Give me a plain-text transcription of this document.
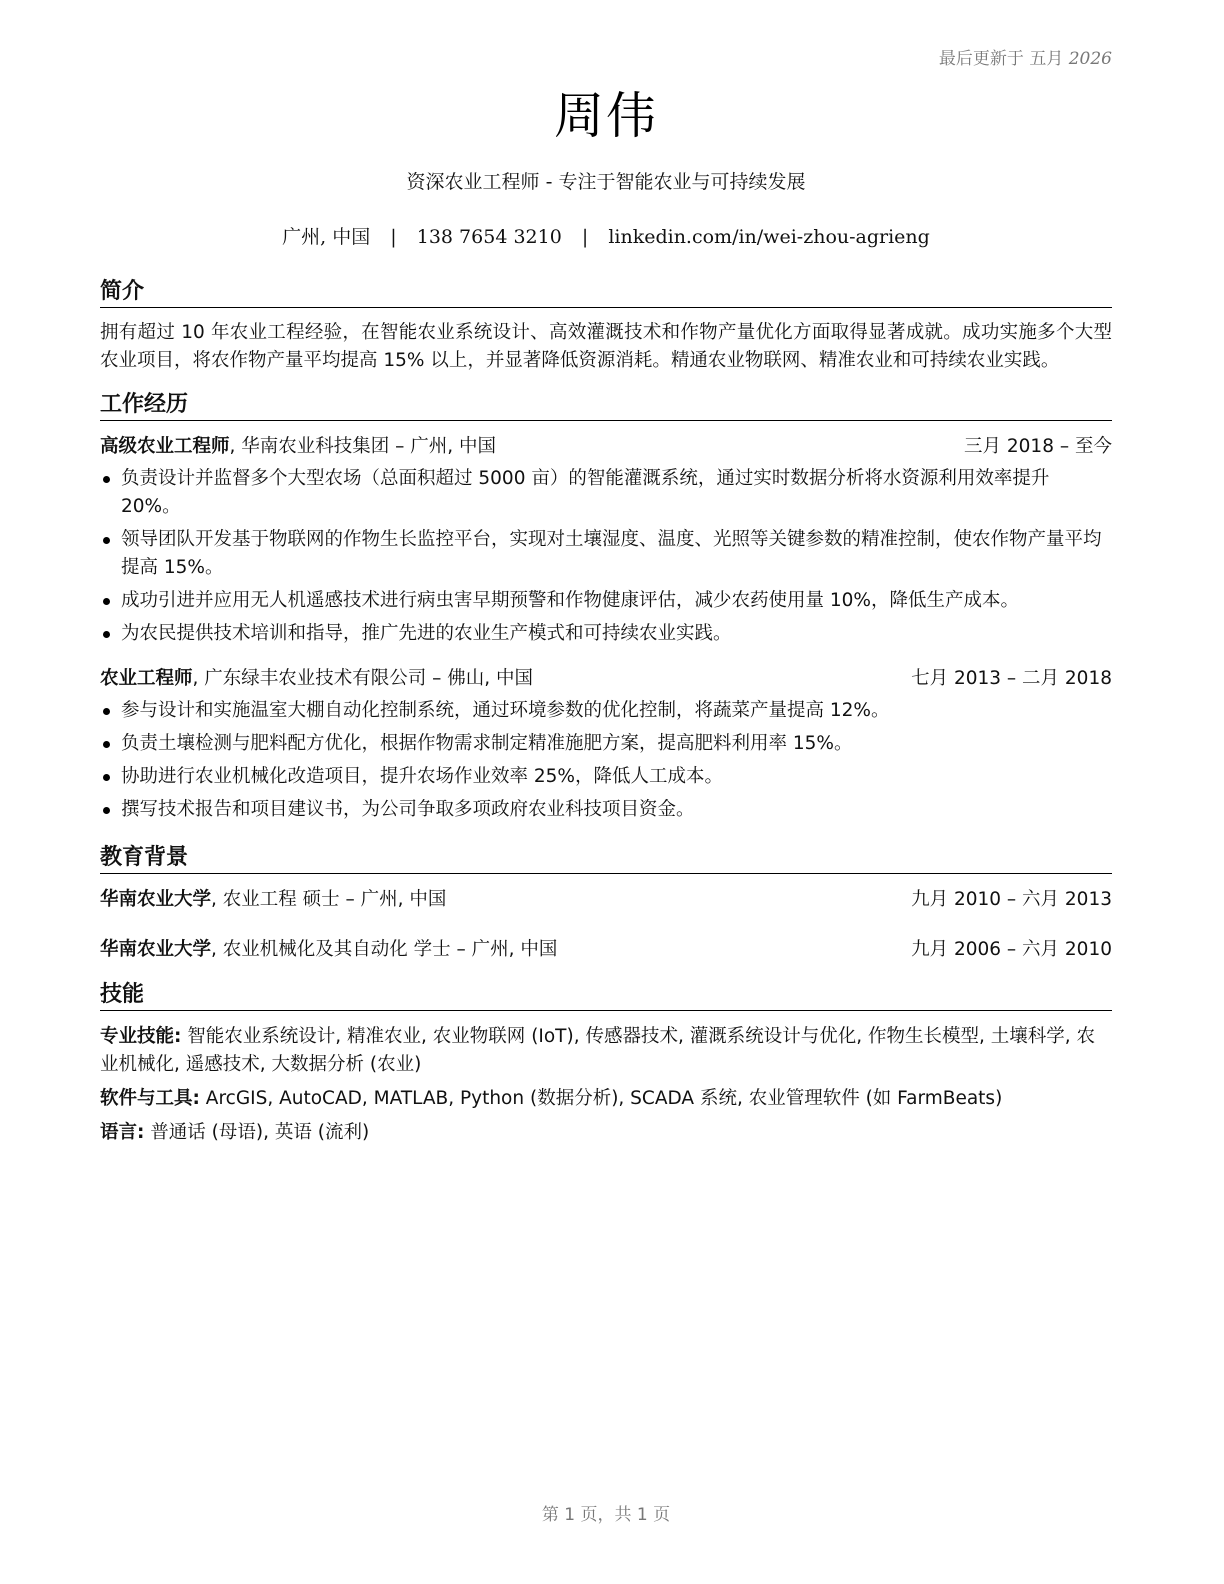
最后更新于 五月 2026
周伟
资深农业工程师 - 专注于智能农业与可持续发展
广州, 中国 | 138 7654 3210 | linkedin.com/in/wei-zhou-agrieng
简介
拥有超过 10 年农业工程经验，在智能农业系统设计、高效灌溉技术和作物产量优化方面取得显著成就。成功实施多个大型农业项目，将农作物产量平均提高 15% 以上，并显著降低资源消耗。精通农业物联网、精准农业和可持续农业实践。
工作经历
高级农业工程师, 华南农业科技集团 – 广州, 中国	三月 2018 – 至今
负责设计并监督多个大型农场（总面积超过 5000 亩）的智能灌溉系统，通过实时数据分析将水资源利用效率提升 20%。
领导团队开发基于物联网的作物生长监控平台，实现对土壤湿度、温度、光照等关键参数的精准控制，使农作物产量平均提高 15%。
成功引进并应用无人机遥感技术进行病虫害早期预警和作物健康评估，减少农药使用量 10%，降低生产成本。
为农民提供技术培训和指导，推广先进的农业生产模式和可持续农业实践。
农业工程师, 广东绿丰农业技术有限公司 – 佛山, 中国	七月 2013 – 二月 2018
参与设计和实施温室大棚自动化控制系统，通过环境参数的优化控制，将蔬菜产量提高 12%。
负责土壤检测与肥料配方优化，根据作物需求制定精准施肥方案，提高肥料利用率 15%。
协助进行农业机械化改造项目，提升农场作业效率 25%，降低人工成本。
撰写技术报告和项目建议书，为公司争取多项政府农业科技项目资金。
教育背景
华南农业大学, 农业工程 硕士 – 广州, 中国	九月 2010 – 六月 2013
华南农业大学, 农业机械化及其自动化 学士 – 广州, 中国	九月 2006 – 六月 2010
技能

专业技能: 智能农业系统设计, 精准农业, 农业物联网 (IoT), 传感器技术, 灌溉系统设计与优化, 作物生长模型, 土壤科学, 农业机械化, 遥感技术, 大数据分析 (农业)

软件与工具: ArcGIS, AutoCAD, MATLAB, Python (数据分析), SCADA 系统, 农业管理软件 (如 FarmBeats)

语言: 普通话 (母语), 英语 (流利)

第 1 页，共 1 页
